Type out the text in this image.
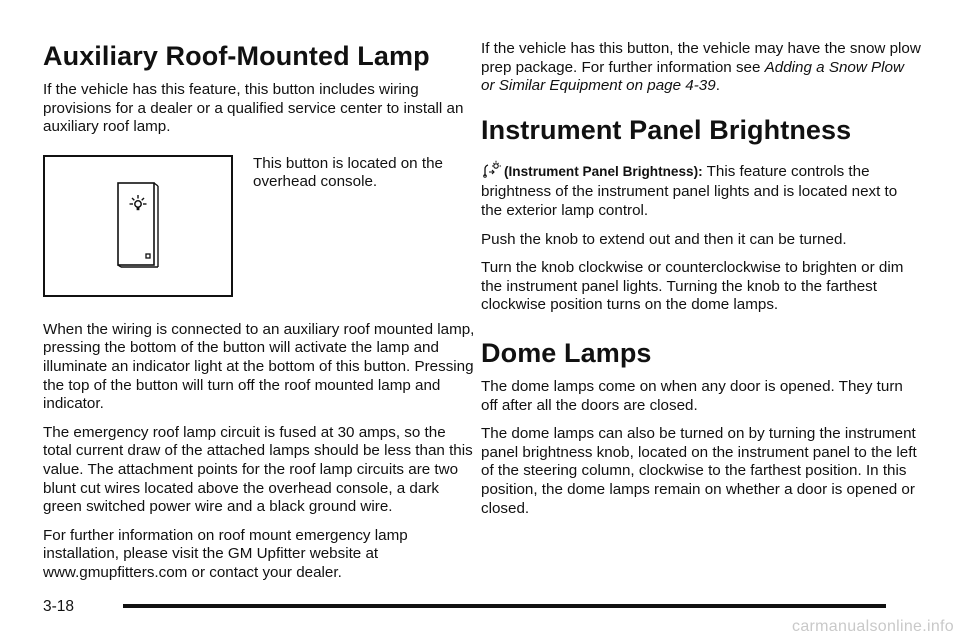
Auxiliary Roof-Mounted Lamp

If the vehicle has this feature, this button includes wiring provisions for a dealer or a qualified service center to install an auxiliary roof lamp.

This button is located on the overhead console.

When the wiring is connected to an auxiliary roof mounted lamp, pressing the bottom of the button will activate the lamp and illuminate an indicator light at the bottom of this button. Pressing the top of the button will turn off the roof mounted lamp and indicator.

The emergency roof lamp circuit is fused at 30 amps, so the total current draw of the attached lamps should be less than this value. The attachment points for the roof lamp circuits are two blunt cut wires located above the overhead console, a dark green switched power wire and a black ground wire.

For further information on roof mount emergency lamp installation, please visit the GM Upfitter website at www.gmupfitters.com or contact your dealer.

If the vehicle has this button, the vehicle may have the snow plow prep package. For further information see Adding a Snow Plow or Similar Equipment on page 4-39.

Instrument Panel Brightness

(Instrument Panel Brightness): This feature controls the brightness of the instrument panel lights and is located next to the exterior lamp control.

Push the knob to extend out and then it can be turned.

Turn the knob clockwise or counterclockwise to brighten or dim the instrument panel lights. Turning the knob to the farthest clockwise position turns on the dome lamps.

Dome Lamps

The dome lamps come on when any door is opened. They turn off after all the doors are closed.

The dome lamps can also be turned on by turning the instrument panel brightness knob, located on the instrument panel to the left of the steering column, clockwise to the farthest position. In this position, the dome lamps remain on whether a door is opened or closed.

3-18
carmanualsonline.info
